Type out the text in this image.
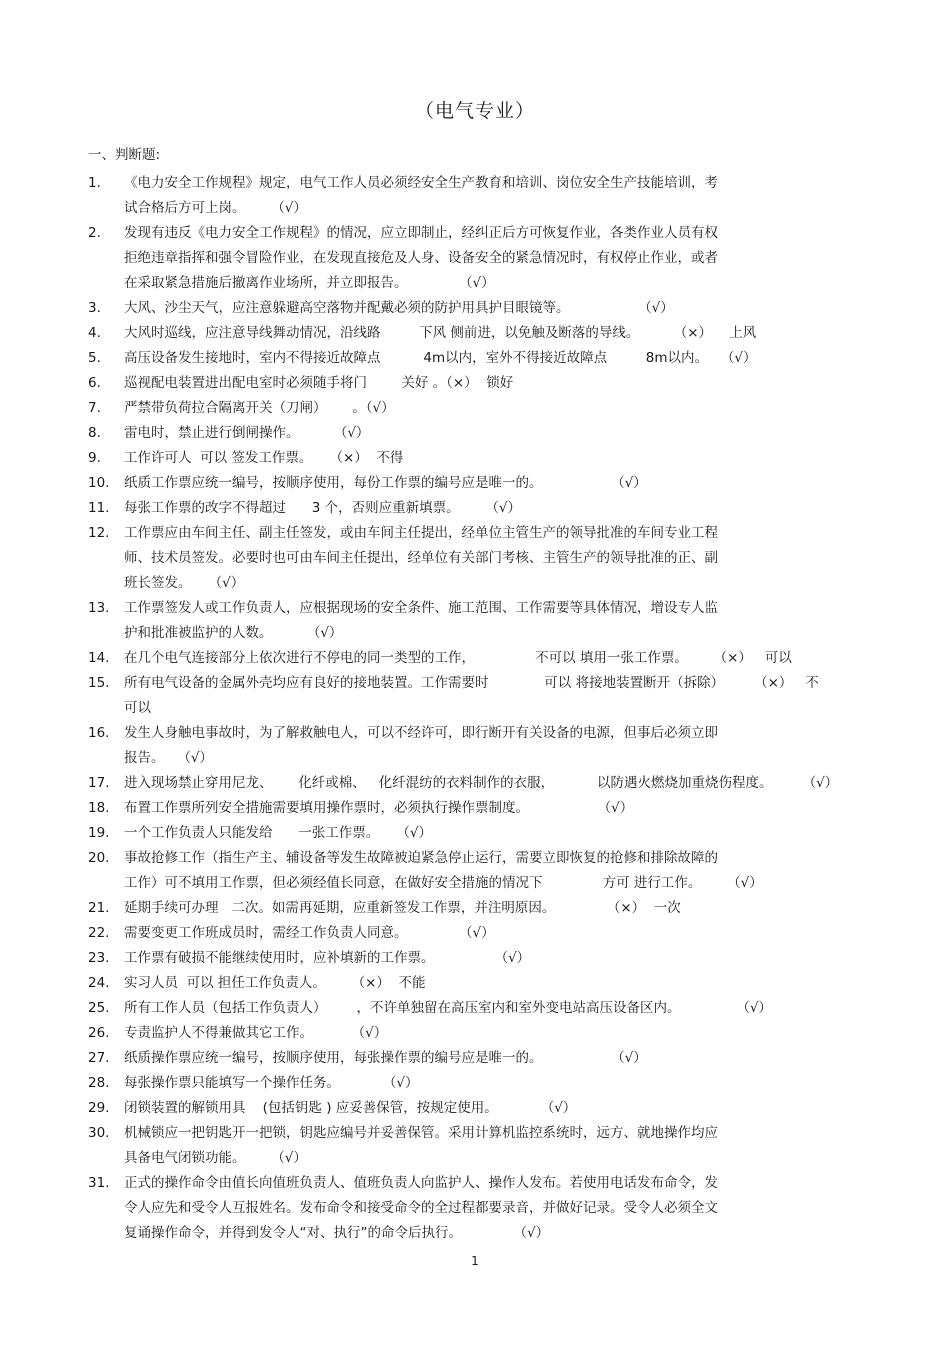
（电气专业）
一、判断题:
1.	《电力安全工作规程》规定，电气工作人员必须经安全生产教育和培训、岗位安全生产技能培训，考
试合格后方可上岗。      （√）
2.	发现有违反《电力安全工作规程》的情况，应立即制止，经纠正后方可恢复作业，各类作业人员有权
拒绝违章指挥和强令冒险作业，在发现直接危及人身、设备安全的紧急情况时，有权停止作业，或者
在采取紧急措施后撤离作业场所，并立即报告。            （√）
3.	大风、沙尘天气，应注意躲避高空落物并配戴必须的防护用具护目眼镜等。                （√）
4.	大风时巡线，应注意导线舞动情况，沿线路         下风 侧前进，以免触及断落的导线。        （×）    上风
5.	高压设备发生接地时，室内不得接近故障点          4m以内，室外不得接近故障点         8m以内。   （√）
6.	巡视配电装置进出配电室时必须随手将门        关好 。（×）  锁好
7.	严禁带负荷拉合隔离开关（刀闸）      。（√）
8.	雷电时，禁止进行倒闸操作。        （√）
9.	工作许可人  可以 签发工作票。    （×）  不得
10.	纸质工作票应统一编号，按顺序使用，每份工作票的编号应是唯一的。                （√）
11.	每张工作票的改字不得超过      3 个，否则应重新填票。      （√）
12.	工作票应由车间主任、副主任签发，或由车间主任提出，经单位主管生产的领导批准的车间专业工程
师、技术员签发。必要时也可由车间主任提出，经单位有关部门考核、主管生产的领导批准的正、副
班长签发。    （√）
13.	工作票签发人或工作负责人，应根据现场的安全条件、施工范围、工作需要等具体情况，增设专人监
护和批准被监护的人数。        （√）
14.	在几个电气连接部分上依次进行不停电的同一类型的工作，              不可以 填用一张工作票。      （×）   可以
15.	所有电气设备的金属外壳均应有良好的接地装置。工作需要时             可以 将接地装置断开（拆除）       （×）   不
可以
16.	发生人身触电事故时，为了解救触电人，可以不经许可，即行断开有关设备的电源，但事后必须立即
报告。   （√）
17.	进入现场禁止穿用尼龙、      化纤或棉、   化纤混纺的衣料制作的衣服，          以防遇火燃烧加重烧伤程度。       （√）
18.	布置工作票所列安全措施需要填用操作票时，必须执行操作票制度。                （√）
19.	一个工作负责人只能发给      一张工作票。    （√）
20.	事故抢修工作（指生产主、辅设备等发生故障被迫紧急停止运行，需要立即恢复的抢修和排除故障的
工作）可不填用工作票，但必须经值长同意，在做好安全措施的情况下              方可 进行工作。      （√）
21.	延期手续可办理   二次。如需再延期，应重新签发工作票，并注明原因。            （×）  一次
22.	需要变更工作班成员时，需经工作负责人同意。            （√）
23.	工作票有破损不能继续使用时，应补填新的工作票。              （√）
24.	实习人员  可以 担任工作负责人。      （×）  不能
25.	所有工作人员（包括工作负责人）       ，不许单独留在高压室内和室外变电站高压设备区内。             （√）
26.	专责监护人不得兼做其它工作。         （√）
27.	纸质操作票应统一编号，按顺序使用，每张操作票的编号应是唯一的。                （√）
28.	每张操作票只能填写一个操作任务。          （√）
29.	闭锁装置的解锁用具    (包括钥匙 ) 应妥善保管，按规定使用。          （√）
30.	机械锁应一把钥匙开一把锁，钥匙应编号并妥善保管。采用计算机监控系统时，远方、就地操作均应
具备电气闭锁功能。      （√）
31.	正式的操作命令由值长向值班负责人、值班负责人向监护人、操作人发布。若使用电话发布命令，发
令人应先和受令人互报姓名。发布命令和接受命令的全过程都要录音，并做好记录。受令人必须全文
复诵操作命令，并得到发令人“对、执行”的命令后执行。            （√）
1
